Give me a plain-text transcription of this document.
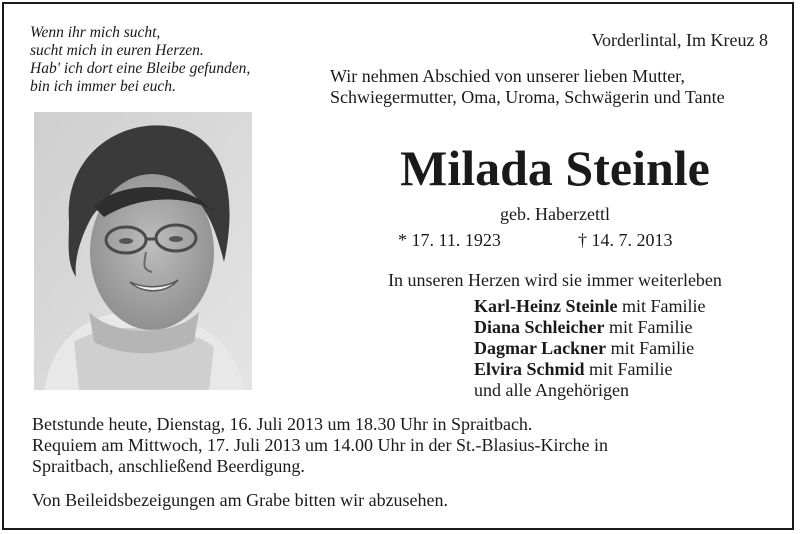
Wenn ihr mich sucht,
sucht mich in euren Herzen.
Hab' ich dort eine Bleibe gefunden,
bin ich immer bei euch.
Vorderlintal, Im Kreuz 8
Wir nehmen Abschied von unserer lieben Mutter, Schwiegermutter, Oma, Uroma, Schwägerin und Tante
Milada Steinle
geb. Haberzettl
* 17. 11. 1923	† 14. 7. 2013
In unseren Herzen wird sie immer weiterleben
Karl-Heinz Steinle mit Familie
Diana Schleicher mit Familie
Dagmar Lackner mit Familie
Elvira Schmid mit Familie
und alle Angehörigen
Betstunde heute, Dienstag, 16. Juli 2013 um 18.30 Uhr in Spraitbach.
Requiem am Mittwoch, 17. Juli 2013 um 14.00 Uhr in der St.-Blasius-Kirche in
Spraitbach, anschließend Beerdigung.
Von Beileidsbezeigungen am Grabe bitten wir abzusehen.
